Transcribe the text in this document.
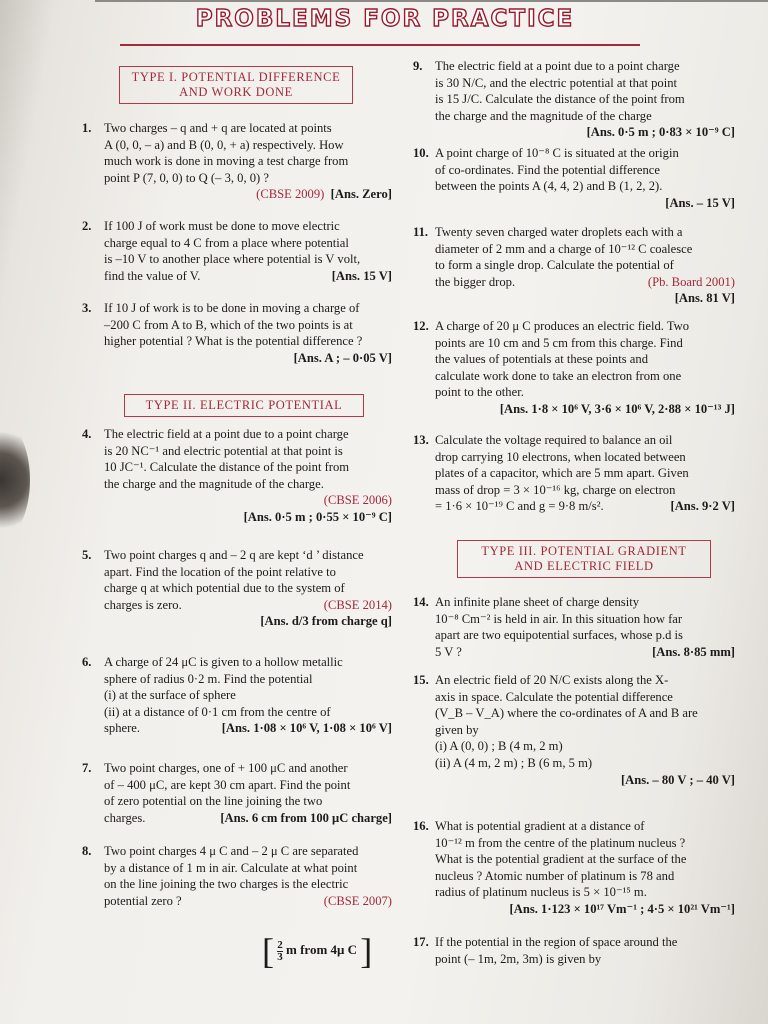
PROBLEMS FOR PRACTICE
TYPE I. POTENTIAL DIFFERENCE
AND WORK DONE
1. Two charges – q and + q are located at points
A (0, 0, – a) and B (0, 0, + a) respectively. How
much work is done in moving a test charge from
point P (7, 0, 0) to Q (– 3, 0, 0) ?
(CBSE 2009) [Ans. Zero]
2. If 100 J of work must be done to move electric
charge equal to 4 C from a place where potential
is –10 V to another place where potential is V volt,
find the value of V.	[Ans. 15 V]
3. If 10 J of work is to be done in moving a charge of
–200 C from A to B, which of the two points is at
higher potential ? What is the potential difference ?
[Ans. A ; – 0·05 V]
TYPE II. ELECTRIC POTENTIAL
4. The electric field at a point due to a point charge
is 20 NC⁻¹ and electric potential at that point is
10 JC⁻¹. Calculate the distance of the point from
the charge and the magnitude of the charge.
(CBSE 2006)
[Ans. 0·5 m ; 0·55 × 10⁻⁹ C]
5. Two point charges q and – 2 q are kept ‘d ’ distance
apart. Find the location of the point relative to
charge q at which potential due to the system of
charges is zero.	(CBSE 2014)
[Ans. d/3 from charge q]
6. A charge of 24 μC is given to a hollow metallic
sphere of radius 0·2 m. Find the potential
(i) at the surface of sphere
(ii) at a distance of 0·1 cm from the centre of
sphere.	[Ans. 1·08 × 10⁶ V, 1·08 × 10⁶ V]
7. Two point charges, one of + 100 μC and another
of – 400 μC, are kept 30 cm apart. Find the point
of zero potential on the line joining the two
charges.	[Ans. 6 cm from 100 μC charge]
8. Two point charges 4 μ C and – 2 μ C are separated
by a distance of 1 m in air. Calculate at what point
on the line joining the two charges is the electric
potential zero ?	(CBSE 2007)
[ $\frac{2}{3}$ m from 4μ C ]
9. The electric field at a point due to a point charge
is 30 N/C, and the electric potential at that point
is 15 J/C. Calculate the distance of the point from
the charge and the magnitude of the charge
[Ans. 0·5 m ; 0·83 × 10⁻⁹ C]
10. A point charge of 10⁻⁸ C is situated at the origin
of co-ordinates. Find the potential difference
between the points A (4, 4, 2) and B (1, 2, 2).
[Ans. – 15 V]
11. Twenty seven charged water droplets each with a
diameter of 2 mm and a charge of 10⁻¹² C coalesce
to form a single drop. Calculate the potential of
the bigger drop.	(Pb. Board 2001)
[Ans. 81 V]
12. A charge of 20 μ C produces an electric field. Two
points are 10 cm and 5 cm from this charge. Find
the values of potentials at these points and
calculate work done to take an electron from one
point to the other.
[Ans. 1·8 × 10⁶ V, 3·6 × 10⁶ V, 2·88 × 10⁻¹³ J]
13. Calculate the voltage required to balance an oil
drop carrying 10 electrons, when located between
plates of a capacitor, which are 5 mm apart. Given
mass of drop = 3 × 10⁻¹⁶ kg, charge on electron
= 1·6 × 10⁻¹⁹ C and g = 9·8 m/s².	[Ans. 9·2 V]
TYPE III. POTENTIAL GRADIENT
AND ELECTRIC FIELD
14. An infinite plane sheet of charge density
10⁻⁸ Cm⁻² is held in air. In this situation how far
apart are two equipotential surfaces, whose p.d is
5 V ?	[Ans. 8·85 mm]
15. An electric field of 20 N/C exists along the X-
axis in space. Calculate the potential difference
(V_B – V_A) where the co-ordinates of A and B are
given by
(i) A (0, 0) ; B (4 m, 2 m)
(ii) A (4 m, 2 m) ; B (6 m, 5 m)
[Ans. – 80 V ; – 40 V]
16. What is potential gradient at a distance of
10⁻¹² m from the centre of the platinum nucleus ?
What is the potential gradient at the surface of the
nucleus ? Atomic number of platinum is 78 and
radius of platinum nucleus is 5 × 10⁻¹⁵ m.
[Ans. 1·123 × 10¹⁷ Vm⁻¹ ; 4·5 × 10²¹ Vm⁻¹]
17. If the potential in the region of space around the
point (– 1m, 2m, 3m) is given by
